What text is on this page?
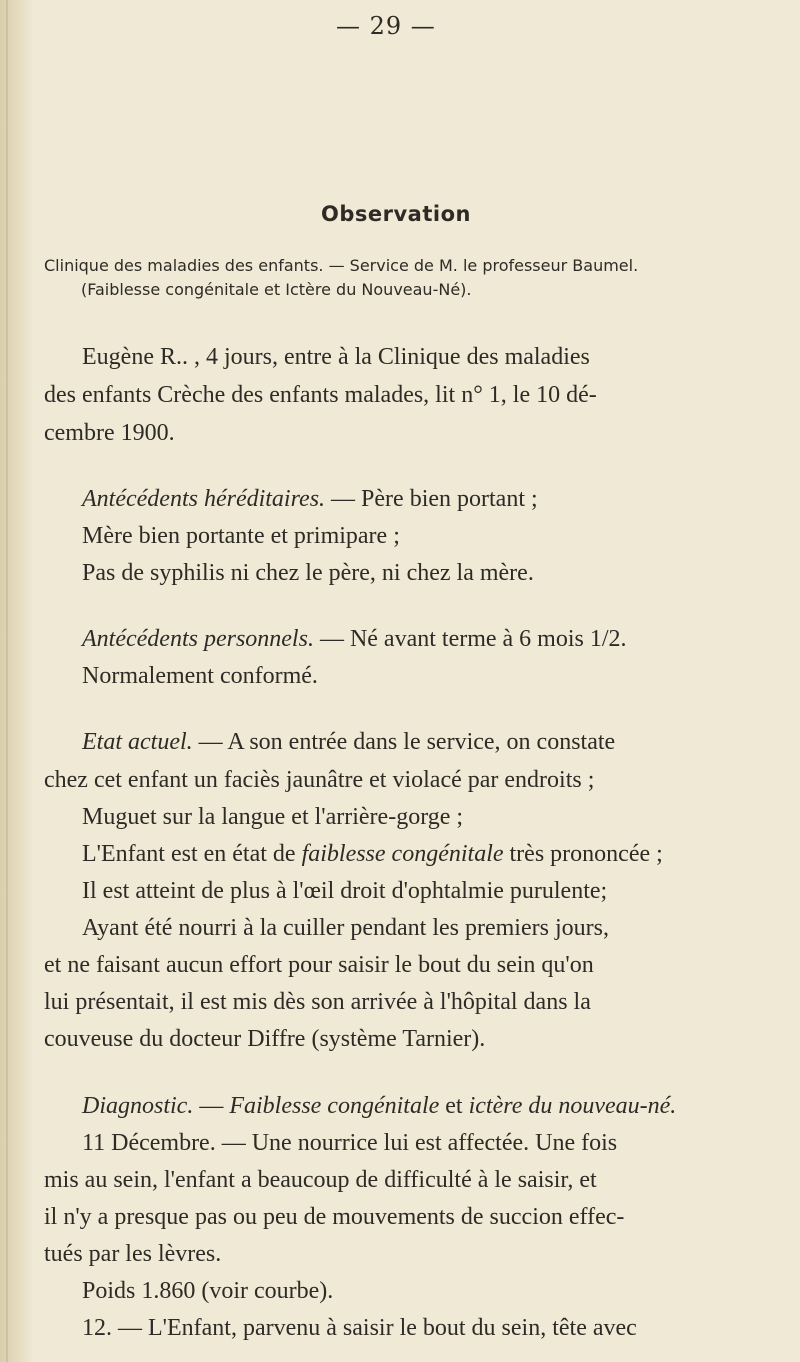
— 29 —
Observation
Clinique des maladies des enfants. — Service de M. le professeur Baumel.
(Faiblesse congénitale et Ictère du Nouveau-Né).
Eugène R.. , 4 jours, entre à la Clinique des maladies
des enfants Crèche des enfants malades, lit n° 1, le 10 dé-
cembre 1900.
Antécédents héréditaires. — Père bien portant ;
Mère bien portante et primipare ;
Pas de syphilis ni chez le père, ni chez la mère.
Antécédents personnels. — Né avant terme à 6 mois 1/2.
Normalement conformé.
Etat actuel. — A son entrée dans le service, on constate
chez cet enfant un faciès jaunâtre et violacé par endroits ;
Muguet sur la langue et l'arrière-gorge ;
L'Enfant est en état de faiblesse congénitale très prononcée ;
Il est atteint de plus à l'œil droit d'ophtalmie purulente;
Ayant été nourri à la cuiller pendant les premiers jours,
et ne faisant aucun effort pour saisir le bout du sein qu'on
lui présentait, il est mis dès son arrivée à l'hôpital dans la
couveuse du docteur Diffre (système Tarnier).
Diagnostic. — Faiblesse congénitale et ictère du nouveau-né.
11 Décembre. — Une nourrice lui est affectée. Une fois
mis au sein, l'enfant a beaucoup de difficulté à le saisir, et
il n'y a presque pas ou peu de mouvements de succion effec-
tués par les lèvres.
Poids 1.860 (voir courbe).
12. — L'Enfant, parvenu à saisir le bout du sein, tête avec
